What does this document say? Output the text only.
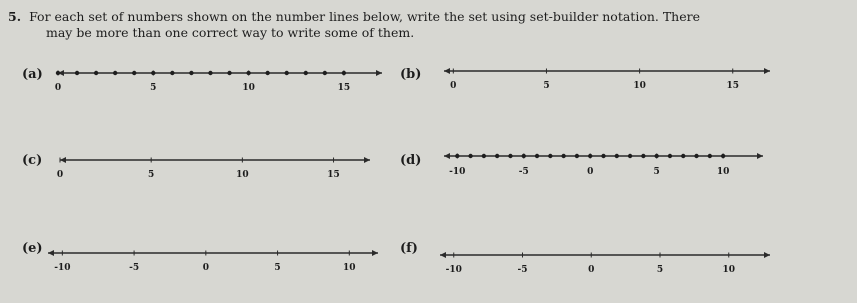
5. For each set of numbers shown on the number lines below, write the set using set-builder notation. There
may be more than one correct way to write some of them.
(a)
0	5	10	15
(b)
0	5	10	15
(c)
0	5	10	15
(d)
-10	-5	0	5	10
(e)
-10	-5	0	5	10
(f)
-10	-5	0	5	10
